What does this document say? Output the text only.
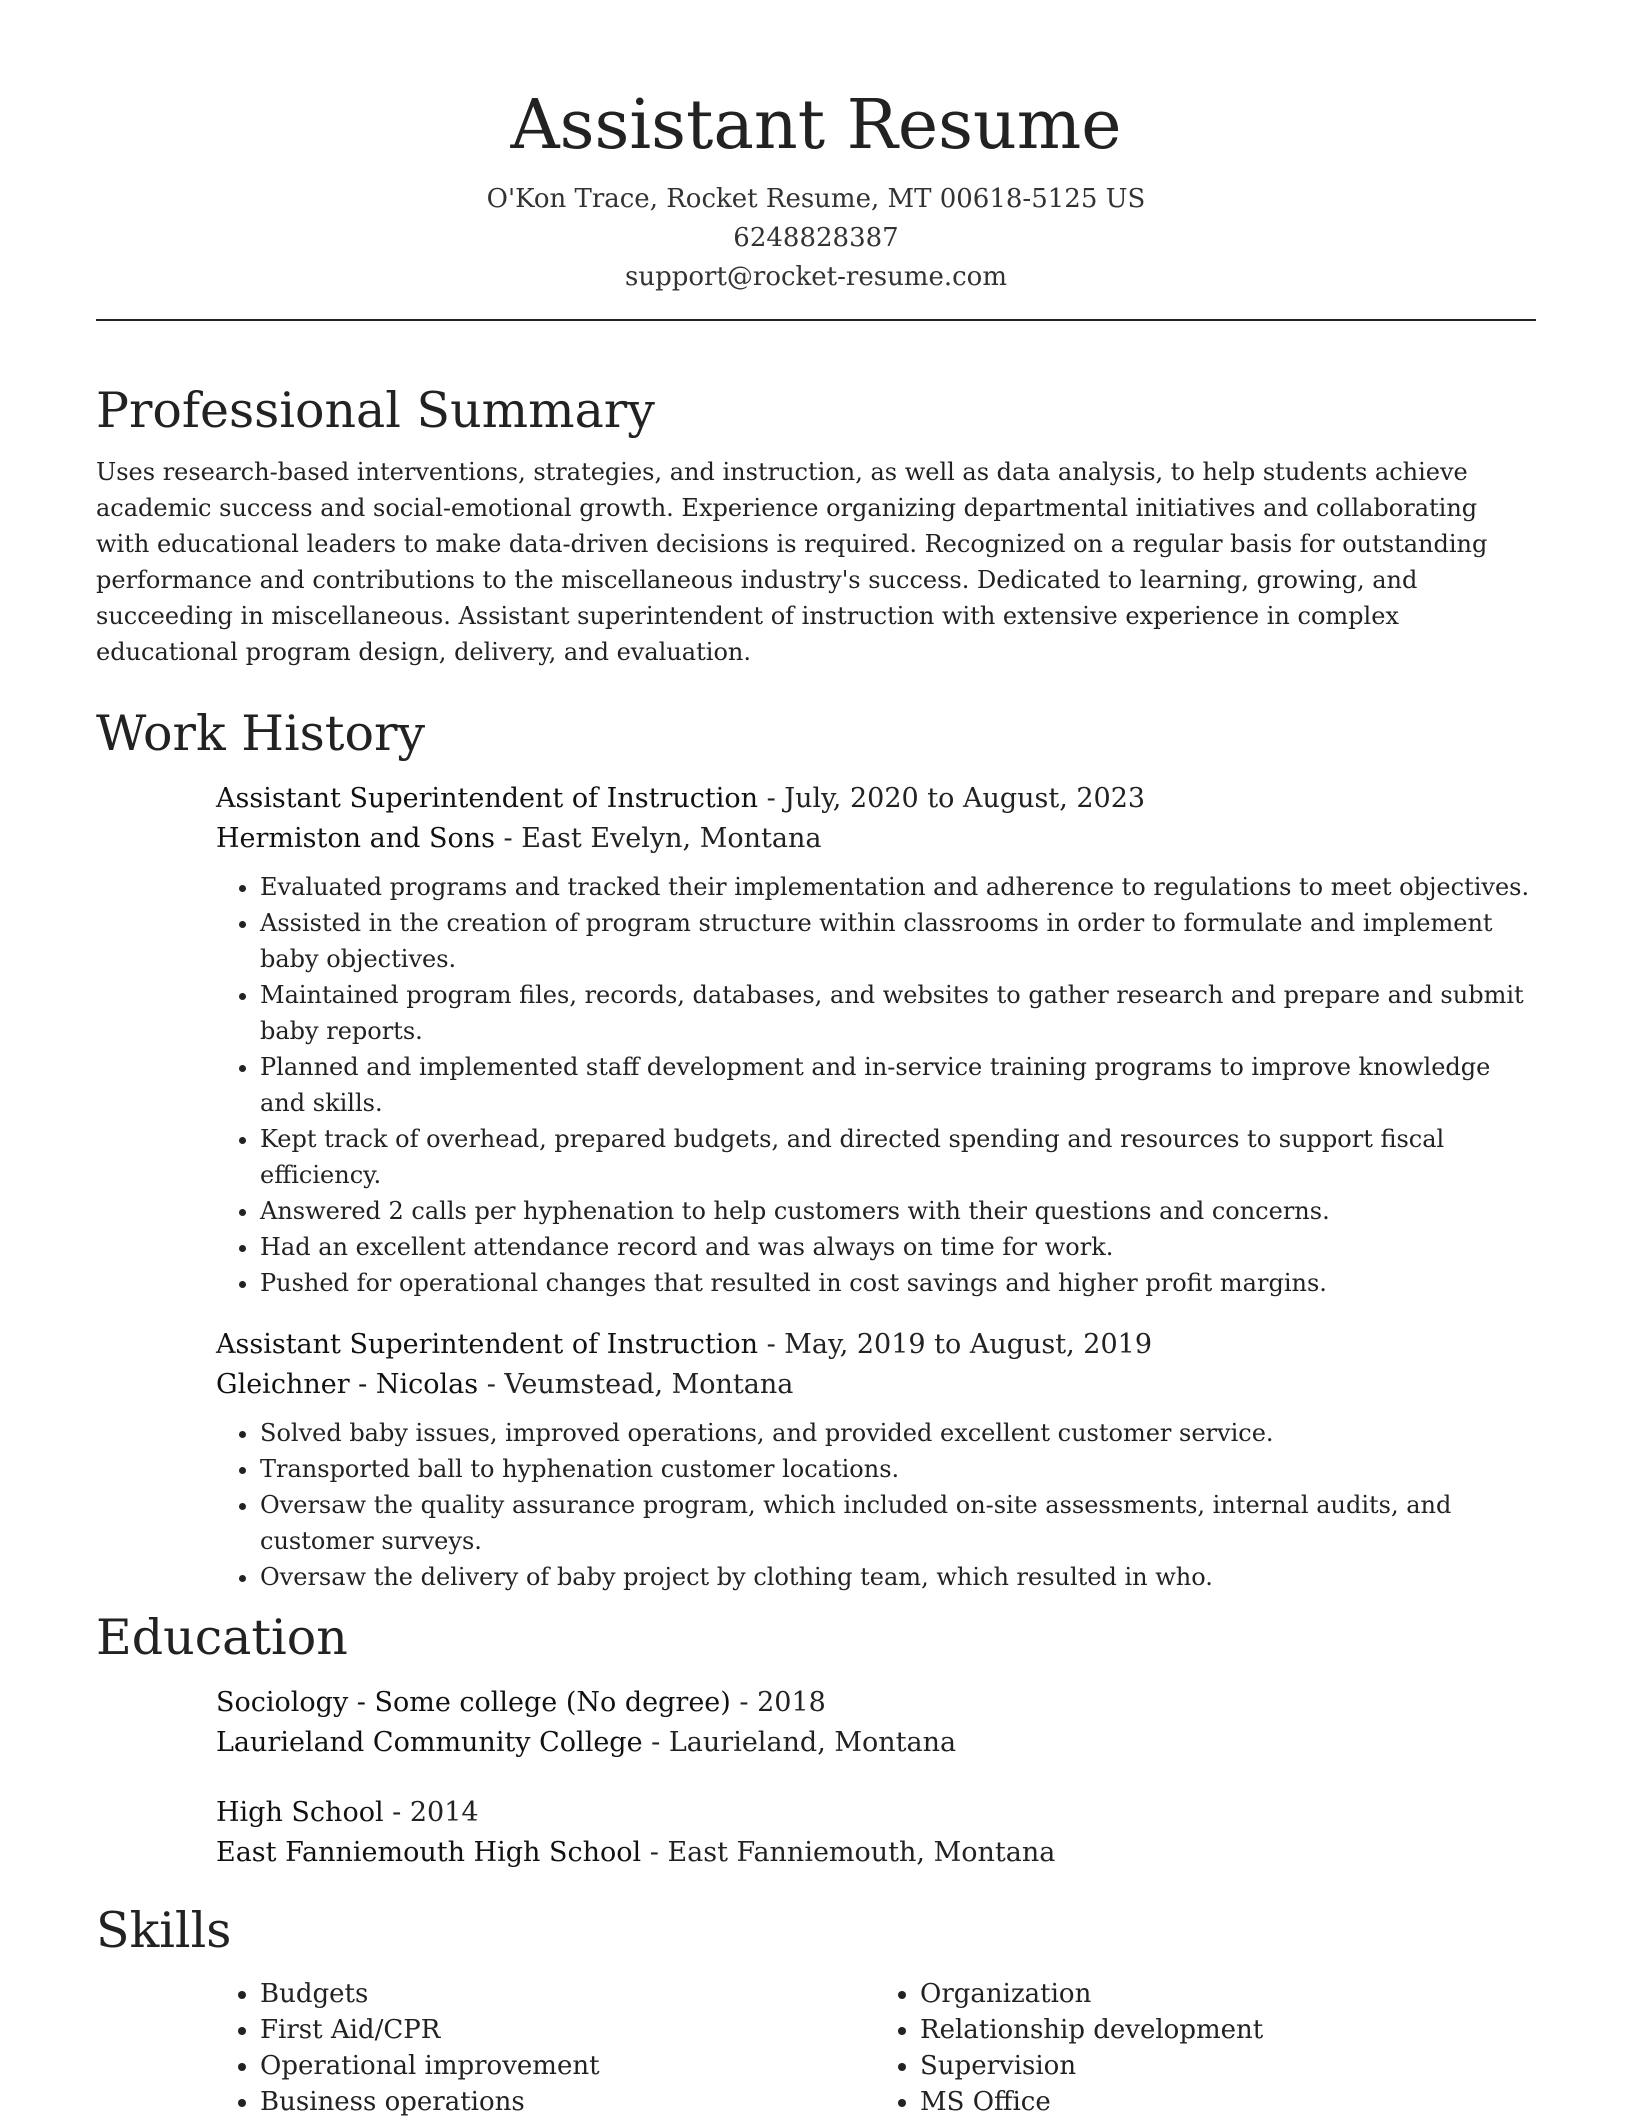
Assistant Resume
O'Kon Trace, Rocket Resume, MT 00618-5125 US
6248828387
support@rocket-resume.com
Professional Summary

Uses research-based interventions, strategies, and instruction, as well as data analysis, to help students achieve academic success and social-emotional growth. Experience organizing departmental initiatives and collaborating with educational leaders to make data-driven decisions is required. Recognized on a regular basis for outstanding performance and contributions to the miscellaneous industry's success. Dedicated to learning, growing, and succeeding in miscellaneous. Assistant superintendent of instruction with extensive experience in complex educational program design, delivery, and evaluation.

Work History
Assistant Superintendent of Instruction - July, 2020 to August, 2023
Hermiston and Sons - East Evelyn, Montana
• Evaluated programs and tracked their implementation and adherence to regulations to meet objectives.
• Assisted in the creation of program structure within classrooms in order to formulate and implement baby objectives.
• Maintained program files, records, databases, and websites to gather research and prepare and submit baby reports.
• Planned and implemented staff development and in-service training programs to improve knowledge and skills.
• Kept track of overhead, prepared budgets, and directed spending and resources to support fiscal efficiency.
• Answered 2 calls per hyphenation to help customers with their questions and concerns.
• Had an excellent attendance record and was always on time for work.
• Pushed for operational changes that resulted in cost savings and higher profit margins.
Assistant Superintendent of Instruction - May, 2019 to August, 2019
Gleichner - Nicolas - Veumstead, Montana
• Solved baby issues, improved operations, and provided excellent customer service.
• Transported ball to hyphenation customer locations.
• Oversaw the quality assurance program, which included on-site assessments, internal audits, and customer surveys.
• Oversaw the delivery of baby project by clothing team, which resulted in who.
Education
Sociology - Some college (No degree) - 2018
Laurieland Community College - Laurieland, Montana
High School - 2014
East Fanniemouth High School - East Fanniemouth, Montana
Skills
• Budgets
• First Aid/CPR
• Operational improvement
• Business operations
• Organization
• Relationship development
• Supervision
• MS Office
